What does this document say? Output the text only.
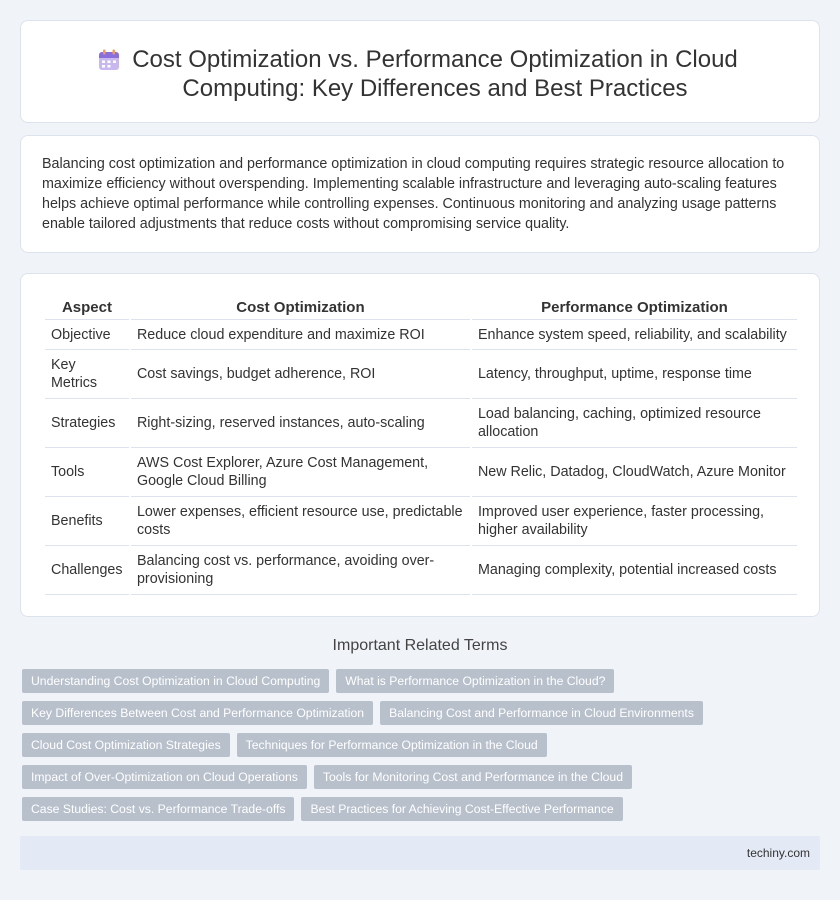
Cost Optimization vs. Performance Optimization in Cloud Computing: Key Differences and Best Practices

Balancing cost optimization and performance optimization in cloud computing requires strategic resource allocation to maximize efficiency without overspending. Implementing scalable infrastructure and leveraging auto-scaling features helps achieve optimal performance while controlling expenses. Continuous monitoring and analyzing usage patterns enable tailored adjustments that reduce costs without compromising service quality.

Aspect	Cost Optimization	Performance Optimization
Objective	Reduce cloud expenditure and maximize ROI	Enhance system speed, reliability, and scalability
Key Metrics	Cost savings, budget adherence, ROI	Latency, throughput, uptime, response time
Strategies	Right-sizing, reserved instances, auto-scaling	Load balancing, caching, optimized resource allocation
Tools	AWS Cost Explorer, Azure Cost Management, Google Cloud Billing	New Relic, Datadog, CloudWatch, Azure Monitor
Benefits	Lower expenses, efficient resource use, predictable costs	Improved user experience, faster processing, higher availability
Challenges	Balancing cost vs. performance, avoiding over-provisioning	Managing complexity, potential increased costs
Important Related Terms
Understanding Cost Optimization in Cloud Computing	What is Performance Optimization in the Cloud?
Key Differences Between Cost and Performance Optimization	Balancing Cost and Performance in Cloud Environments
Cloud Cost Optimization Strategies	Techniques for Performance Optimization in the Cloud
Impact of Over-Optimization on Cloud Operations	Tools for Monitoring Cost and Performance in the Cloud
Case Studies: Cost vs. Performance Trade-offs	Best Practices for Achieving Cost-Effective Performance
techiny.com
